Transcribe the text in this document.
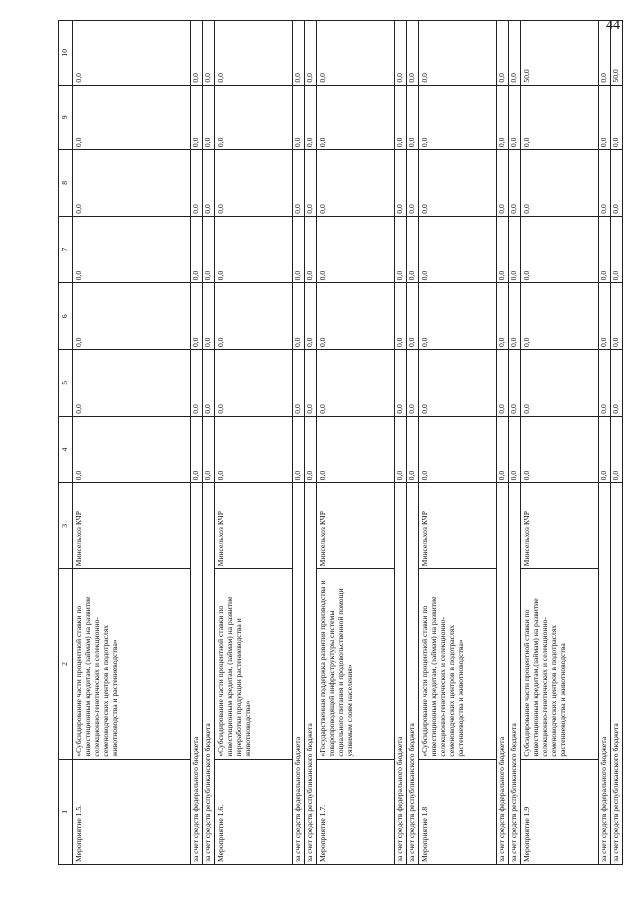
44
1	2	3	4	5	6	7	8	9	10
Мероприятие 1.5.	«Субсидирование части процентной ставки по инвестиционным кредитам, (займам) на развитие селекционно-генетических и селекционно-семеноводческих центров в подотраслях животноводства и растениеводства»	Минсельхоз КЧР	0,0	0,0	0,0	0,0	0,0	0,0	0,0
за счет средств федерального бюджета			0,0	0,0	0,0	0,0	0,0	0,0	0,0
за счет средств республиканского бюджета			0,0	0,0	0,0	0,0	0,0	0,0	0,0
Мероприятие 1.6.	«Субсидирование части процентной ставки по инвестиционным кредитам, (займам) на развитие переработки продукции растениеводства и животноводства»	Минсельхоз КЧР	0,0	0,0	0,0	0,0	0,0	0,0	0,0
за счет средств федерального бюджета			0,0	0,0	0,0	0,0	0,0	0,0	0,0
за счет средств республиканского бюджета			0,0	0,0	0,0	0,0	0,0	0,0	0,0
Мероприятие 1.7.	«Государственная поддержка развития производства и товаропроводящей инфраструктуры системы социального питания и продовольственной помощи уязвимым слоям населения»	Минсельхоз КЧР	0,0	0,0	0,0	0,0	0,0	0,0	0,0
за счет средств федерального бюджета			0,0	0,0	0,0	0,0	0,0	0,0	0,0
за счет средств республиканского бюджета			0,0	0,0	0,0	0,0	0,0	0,0	0,0
Мероприятие 1.8	«Субсидирование части процентной ставки по инвестиционным кредитам, (займам) на развитие селекционно-генетических и селекционно-семеноводческих центров в подотраслях растениеводства и животноводства»	Минсельхоз КЧР	0,0	0,0	0,0	0,0	0,0	0,0	0,0
за счет средств федерального бюджета			0,0	0,0	0,0	0,0	0,0	0,0	0,0
за счет средств республиканского бюджета			0,0	0,0	0,0	0,0	0,0	0,0	0,0
Мероприятие 1.9	Субсидирование части процентной ставки по инвестиционным кредитам,(займам) на развитие селекционно-генетических и селекционно-семеноводческих центров в подотраслях растениеводства и животноводства	Минсельхоз КЧР	0,0	0,0	0,0	0,0	0,0	0,0	50,0
за счет средств федерального бюджета			0,0	0,0	0,0	0,0	0,0	0,0	0,0
за счет средств республиканского бюджета			0,0	0,0	0,0	0,0	0,0	0,0	50,0
